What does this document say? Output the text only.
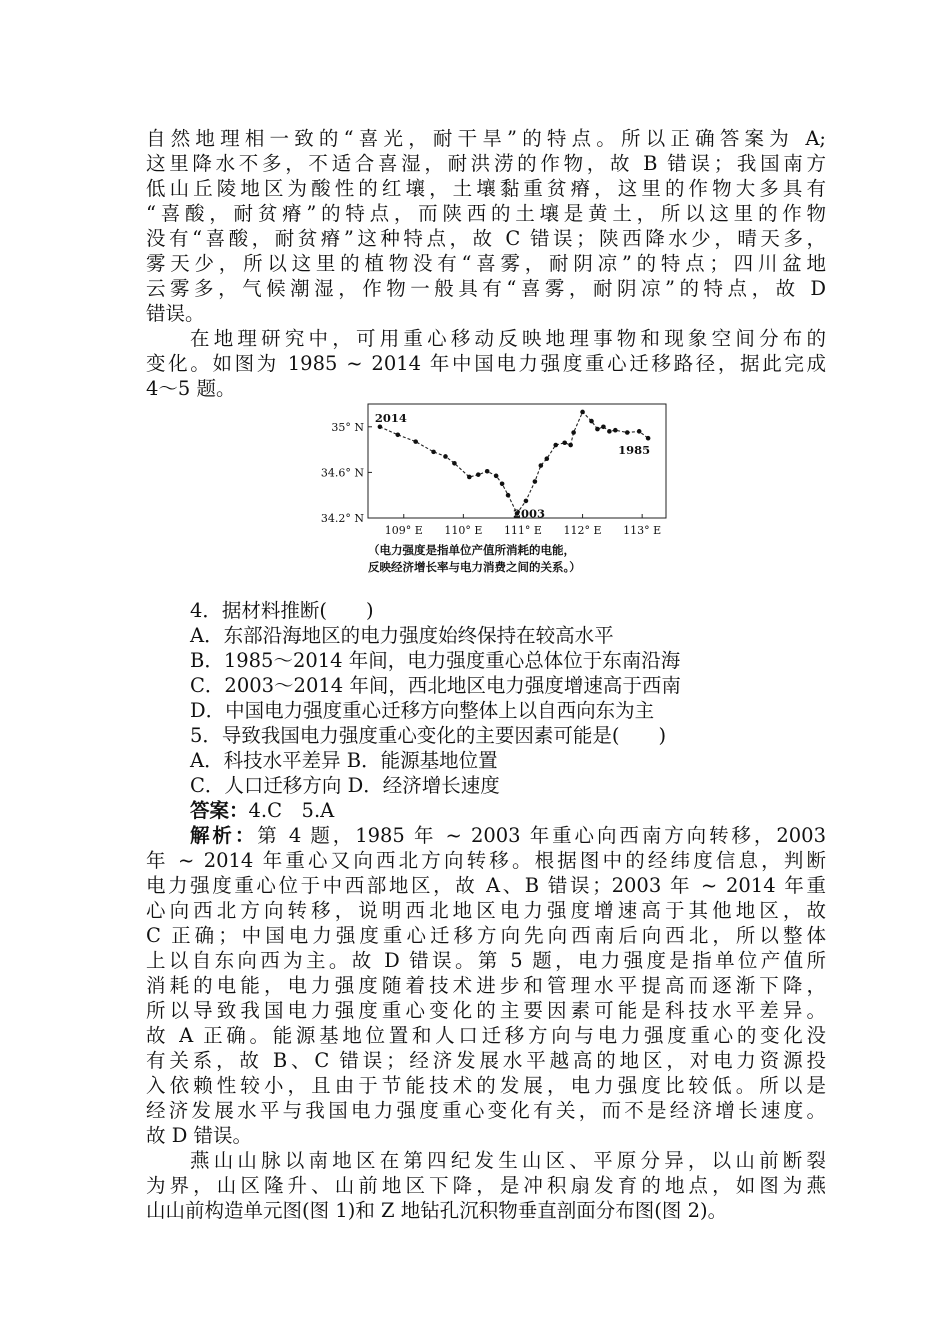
自然地理相一致的“喜光，耐干旱”的特点。所以正确答案为 A;
这里降水不多，不适合喜湿，耐洪涝的作物，故 B 错误；我国南方
低山丘陵地区为酸性的红壤，土壤黏重贫瘠，这里的作物大多具有
“喜酸，耐贫瘠”的特点，而陕西的土壤是黄土，所以这里的作物
没有“喜酸，耐贫瘠”这种特点，故 C 错误；陕西降水少，晴天多，
雾天少，所以这里的植物没有“喜雾，耐阴凉”的特点；四川盆地
云雾多，气候潮湿，作物一般具有“喜雾，耐阴凉”的特点，故 D
错误。
在地理研究中，可用重心移动反映地理事物和现象空间分布的
变化。如图为 1985 ~ 2014 年中国电力强度重心迁移路径，据此完成
4～5 题。
109° E 110° E 111° E 112° E 113° E
35° N
34.6° N
34.2° N
2014
2003
1985
（电力强度是指单位产值所消耗的电能，
反映经济增长率与电力消费之间的关系。）
4．据材料推断(　　)
A．东部沿海地区的电力强度始终保持在较高水平
B．1985～2014 年间，电力强度重心总体位于东南沿海
C．2003～2014 年间，西北地区电力强度增速高于西南
D．中国电力强度重心迁移方向整体上以自西向东为主
5．导致我国电力强度重心变化的主要因素可能是(　　)
A．科技水平差异 B．能源基地位置
C．人口迁移方向 D．经济增长速度
答案：4.C　5.A
解析：第 4 题，1985 年 ~ 2003 年重心向西南方向转移，2003
年 ~ 2014 年重心又向西北方向转移。根据图中的经纬度信息，判断
电力强度重心位于中西部地区，故 A、B 错误；2003 年 ~ 2014 年重
心向西北方向转移，说明西北地区电力强度增速高于其他地区，故
C 正确；中国电力强度重心迁移方向先向西南后向西北，所以整体
上以自东向西为主。故 D 错误。第 5 题，电力强度是指单位产值所
消耗的电能，电力强度随着技术进步和管理水平提高而逐渐下降，
所以导致我国电力强度重心变化的主要因素可能是科技水平差异。
故 A 正确。能源基地位置和人口迁移方向与电力强度重心的变化没
有关系，故 B、C 错误；经济发展水平越高的地区，对电力资源投
入依赖性较小，且由于节能技术的发展，电力强度比较低。所以是
经济发展水平与我国电力强度重心变化有关，而不是经济增长速度。
故 D 错误。
燕山山脉以南地区在第四纪发生山区、平原分异，以山前断裂
为界，山区隆升、山前地区下降，是冲积扇发育的地点，如图为燕
山山前构造单元图(图 1)和 Z 地钻孔沉积物垂直剖面分布图(图 2)。
